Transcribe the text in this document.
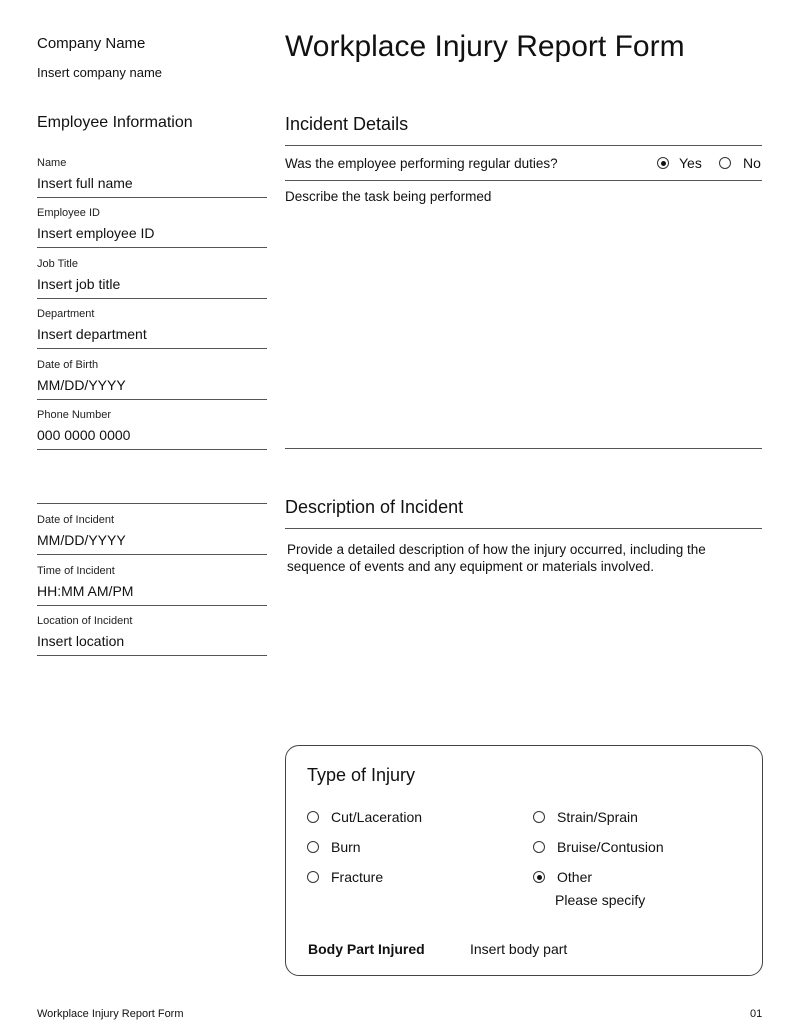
Company Name
Insert company name
Workplace Injury Report Form
Employee Information
Name
Insert full name
Employee ID
Insert employee ID
Job Title
Insert job title
Department
Insert department
Date of Birth
MM/DD/YYYY
Phone Number
000 0000 0000
Date of Incident
MM/DD/YYYY
Time of Incident
HH:MM AM/PM
Location of Incident
Insert location
Incident Details
Was the employee performing regular duties?	Yes	No
Describe the task being performed
Description of Incident
Provide a detailed description of how the injury occurred, including the sequence of events and any equipment or materials involved.
Type of Injury
Cut/Laceration	Strain/Sprain
Burn	Bruise/Contusion
Fracture	Other
Please specify
Body Part Injured	Insert body part
Workplace Injury Report Form	01
